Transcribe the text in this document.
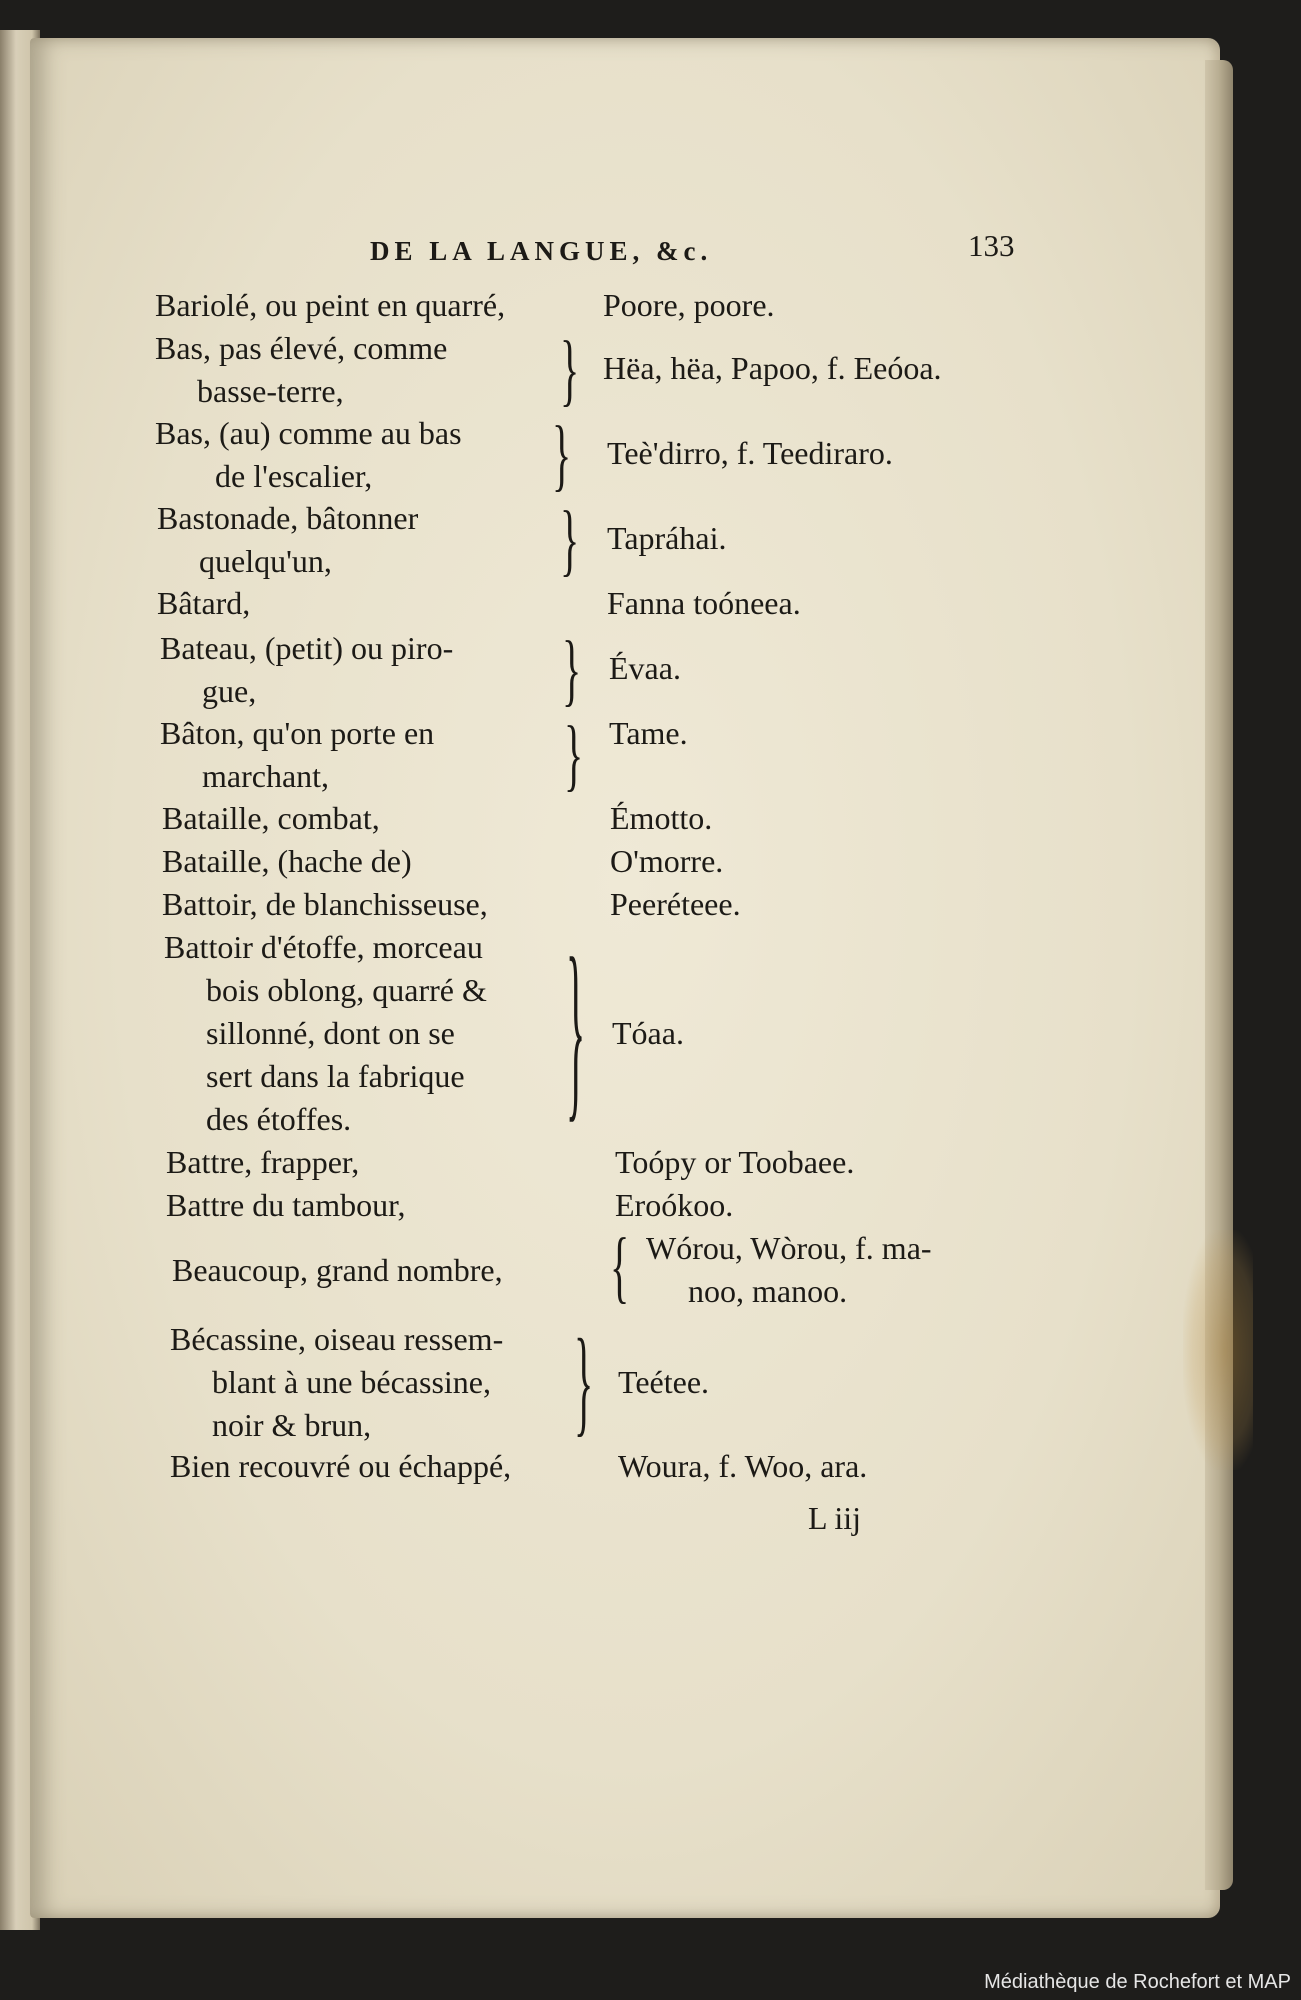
DE LA LANGUE, &c.	133
Bariolé, ou peint en quarré,	Poore, poore.
Bas, pas élevé, comme
basse-terre,	} Hëa, hëa, Papoo, f. Eeóoa.
Bas, (au) comme au bas
de l'escalier,	} Teè'dirro, f. Teediraro.
Bastonade, bâtonner
quelqu'un,	} Tapráhai.
Bâtard,	Fanna toóneea.
Bateau, (petit) ou piro-
gue,	} Évaa.
Bâton, qu'on porte en
marchant,	} Tame.
Bataille, combat,	Émotto.
Bataille, (hache de)	O'morre.
Battoir, de blanchisseuse,	Peeréteee.
Battoir d'étoffe, morceau
bois oblong, quarré &
sillonné, dont on se
sert dans la fabrique
des étoffes.	} Tóaa.
Battre, frapper,	Toópy or Toobaee.
Battre du tambour,	Eroókoo.
Beaucoup, grand nombre,	{ Wórou, Wòrou, f. ma-
noo, manoo.
Bécassine, oiseau ressem-
blant à une bécassine,
noir & brun,	} Teétee.
Bien recouvré ou échappé,	Woura, f. Woo, ara.
L iij
Médiathèque de Rochefort et MAP
